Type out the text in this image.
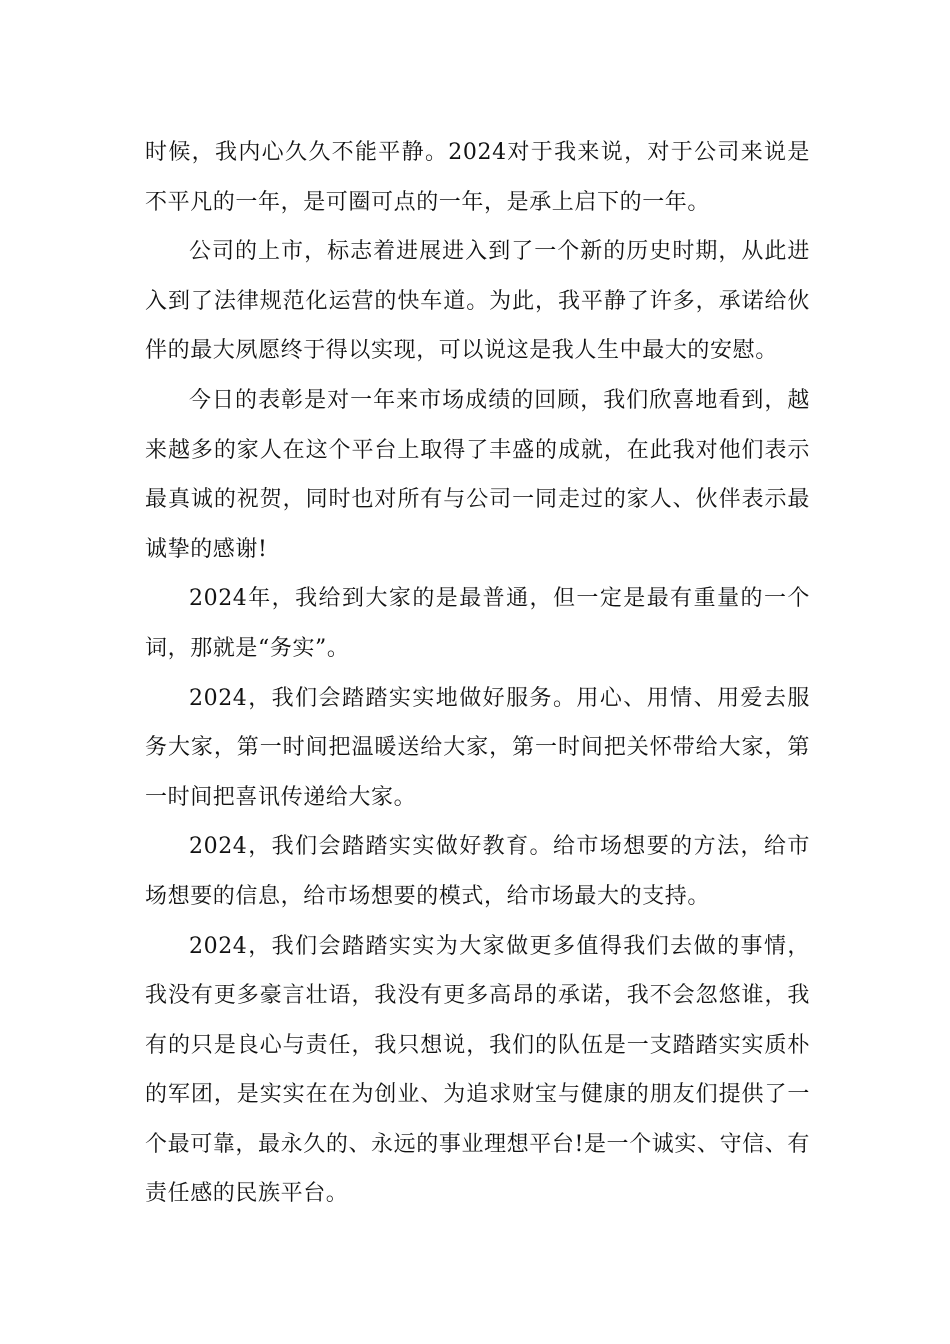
时候，我内心久久不能平静。2024对于我来说，对于公司来说是不平凡的一年，是可圈可点的一年，是承上启下的一年。

公司的上市，标志着进展进入到了一个新的历史时期，从此进入到了法律规范化运营的快车道。为此，我平静了许多，承诺给伙伴的最大夙愿终于得以实现，可以说这是我人生中最大的安慰。

今日的表彰是对一年来市场成绩的回顾，我们欣喜地看到，越来越多的家人在这个平台上取得了丰盛的成就，在此我对他们表示最真诚的祝贺，同时也对所有与公司一同走过的家人、伙伴表示最诚挚的感谢!

2024年，我给到大家的是最普通，但一定是最有重量的一个词，那就是“务实”。

2024，我们会踏踏实实地做好服务。用心、用情、用爱去服务大家，第一时间把温暖送给大家，第一时间把关怀带给大家，第一时间把喜讯传递给大家。

2024，我们会踏踏实实做好教育。给市场想要的方法，给市场想要的信息，给市场想要的模式，给市场最大的支持。

2024，我们会踏踏实实为大家做更多值得我们去做的事情，我没有更多豪言壮语，我没有更多高昂的承诺，我不会忽悠谁，我有的只是良心与责任，我只想说，我们的队伍是一支踏踏实实质朴的军团，是实实在在为创业、为追求财宝与健康的朋友们提供了一个最可靠，最永久的、永远的事业理想平台!是一个诚实、守信、有责任感的民族平台。
